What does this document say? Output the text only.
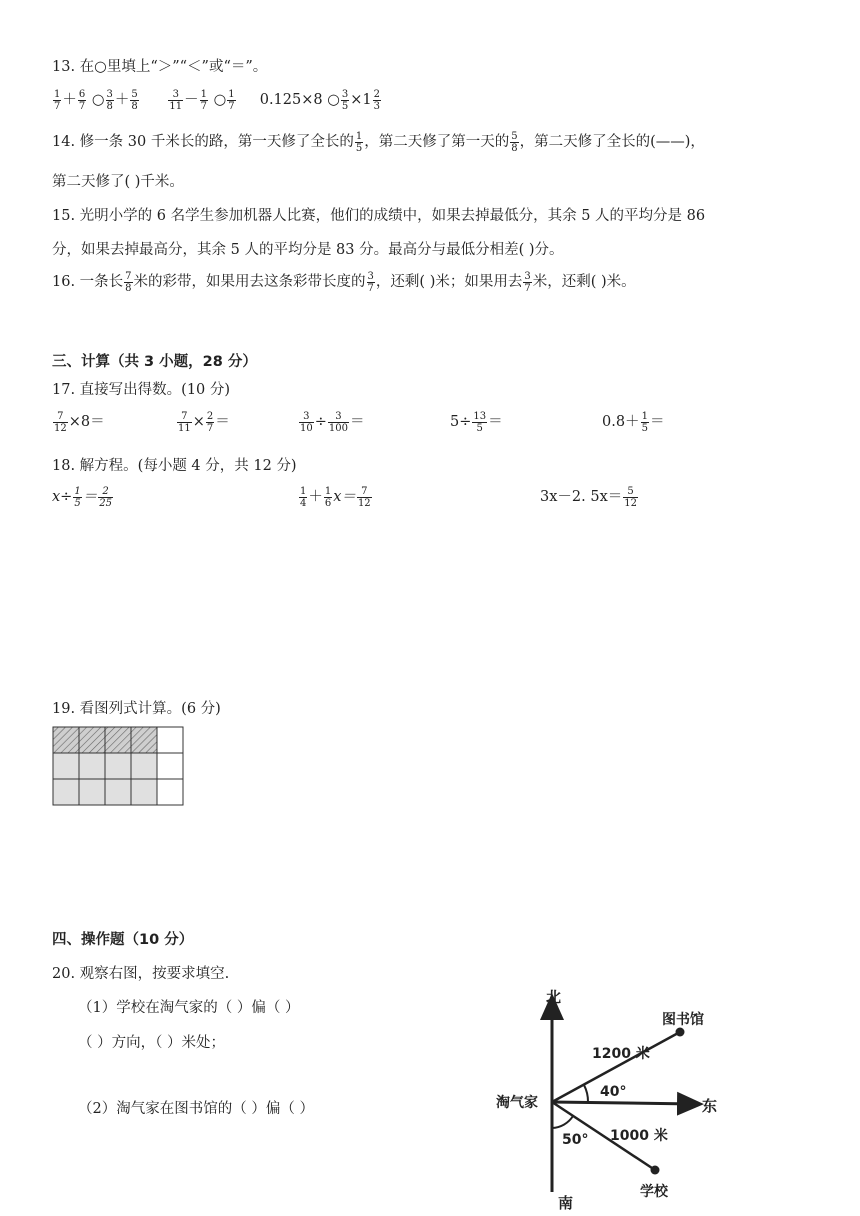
13. 在○里填上“＞”“＜”或“＝”。
$\frac{1}{7} + \frac{6}{7}$ ○ $\frac{3}{8} + \frac{5}{8}$
	$\frac{3}{11} - \frac{1}{7}$ ○ $\frac{1}{7} 0.125\times 8$ ○ $\frac{3}{5} \times 1 \frac{2}{3}$
14. 修一条 30 千米长的路，第一天修了全长的 $\frac{1}{5}$ ，第二天修了第一天的 $\frac{5}{8}$ ，第二天修了全长的(——)，
第二天修了( )千米。
15. 光明小学的 6 名学生参加机器人比赛，他们的成绩中，如果去掉最低分，其余 5 人的平均分是 86
分，如果去掉最高分，其余 5 人的平均分是 83 分。最高分与最低分相差( )分。
16. 一条长 $\frac{7}{8}$ 米的彩带，如果用去这条彩带长度的 $\frac{3}{7}$ ，还剩( )米；如果用去 $\frac{3}{7}$ 米，还剩( )米。
三、计算（共 3 小题，28 分）
17. 直接写出得数。(10 分)
$\frac{7}{12} \times 8=$	$\frac{7}{11} \times \frac{2}{7}$ ＝	$\frac{3}{10} \div \frac{3}{100}$ ＝	$5\div \frac{13}{5}$ ＝	$0.8+ \frac{1}{5}$ ＝
18. 解方程。(每小题 4 分，共 12 分)
$x\div \frac{1}{5} = \frac{2}{25}$	$\frac{1}{4} + \frac{1}{6} x= \frac{7}{12}$	3x－2. $5x= \frac{5}{12}$
19. 看图列式计算。(6 分)
四、操作题（10 分）
20. 观察右图，按要求填空.
（1）学校在淘气家的（ ）偏（ ）
（ ）方向，（ ）米处；
（2）淘气家在图书馆的（ ）偏（ ）
北
南
东
淘气家
图书馆
学校
1200 米
1000 米
40°
50°
